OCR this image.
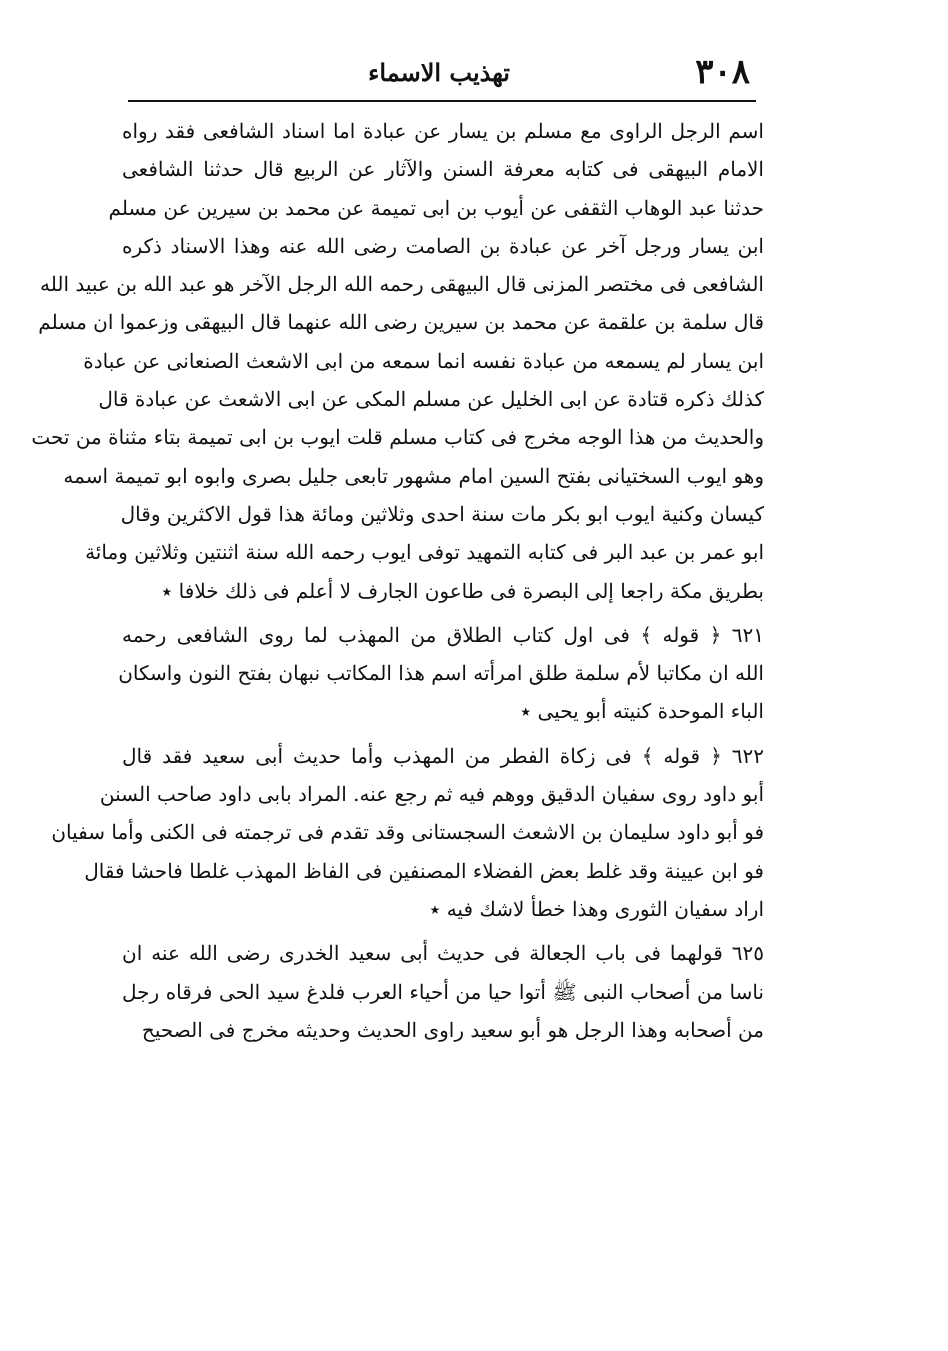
٣٠٨
تهذيب الاسماء
اسم الرجل الراوى مع مسلم بن يسار عن عبادة اما اسناد الشافعى فقد رواه
الامام البيهقى فى كتابه معرفة السنن والآثار عن الربيع قال حدثنا الشافعى
حدثنا عبد الوهاب الثقفى عن أيوب بن ابى تميمة عن محمد بن سيرين عن مسلم
ابن يسار ورجل آخر عن عبادة بن الصامت رضى الله عنه وهذا الاسناد ذكره
الشافعى فى مختصر المزنى قال البيهقى رحمه الله الرجل الآخر هو عبد الله بن عبيد الله
قال سلمة بن علقمة عن محمد بن سيرين رضى الله عنهما قال البيهقى وزعموا ان مسلم
ابن يسار لم يسمعه من عبادة نفسه انما سمعه من ابى الاشعث الصنعانى عن عبادة
كذلك ذكره قتادة عن ابى الخليل عن مسلم المكى عن ابى الاشعث عن عبادة قال
والحديث من هذا الوجه مخرج فى كتاب مسلم قلت ايوب بن ابى تميمة بتاء مثناة من تحت
وهو ايوب السختيانى بفتح السين امام مشهور تابعى جليل بصرى وابوه ابو تميمة اسمه
كيسان وكنية ايوب ابو بكر مات سنة احدى وثلاثين ومائة هذا قول الاكثرين وقال
ابو عمر بن عبد البر فى كتابه التمهيد توفى ايوب رحمه الله سنة اثنتين وثلاثين ومائة
بطريق مكة راجعا إلى البصرة فى طاعون الجارف لا أعلم فى ذلك خلافا ٭
٦٢١ ﴿ قوله ﴾ فى اول كتاب الطلاق من المهذب لما روى الشافعى رحمه
الله ان مكاتبا لأم سلمة طلق امرأته اسم هذا المكاتب نبهان بفتح النون واسكان
الباء الموحدة كنيته أبو يحيى ٭
٦٢٢ ﴿ قوله ﴾ فى زكاة الفطر من المهذب وأما حديث أبى سعيد فقد قال
أبو داود روى سفيان الدقيق ووهم فيه ثم رجع عنه. المراد بابى داود صاحب السنن
فو أبو داود سليمان بن الاشعث السجستانى وقد تقدم فى ترجمته فى الكنى وأما سفيان
فو ابن عيينة وقد غلط بعض الفضلاء المصنفين فى الفاظ المهذب غلطا فاحشا فقال
اراد سفيان الثورى وهذا خطأ لاشك فيه ٭
٦٢٥ قولهما فى باب الجعالة فى حديث أبى سعيد الخدرى رضى الله عنه ان
ناسا من أصحاب النبى ﷺ أتوا حيا من أحياء العرب فلدغ سيد الحى فرقاه رجل
من أصحابه وهذا الرجل هو أبو سعيد راوى الحديث وحديثه مخرج فى الصحيح
